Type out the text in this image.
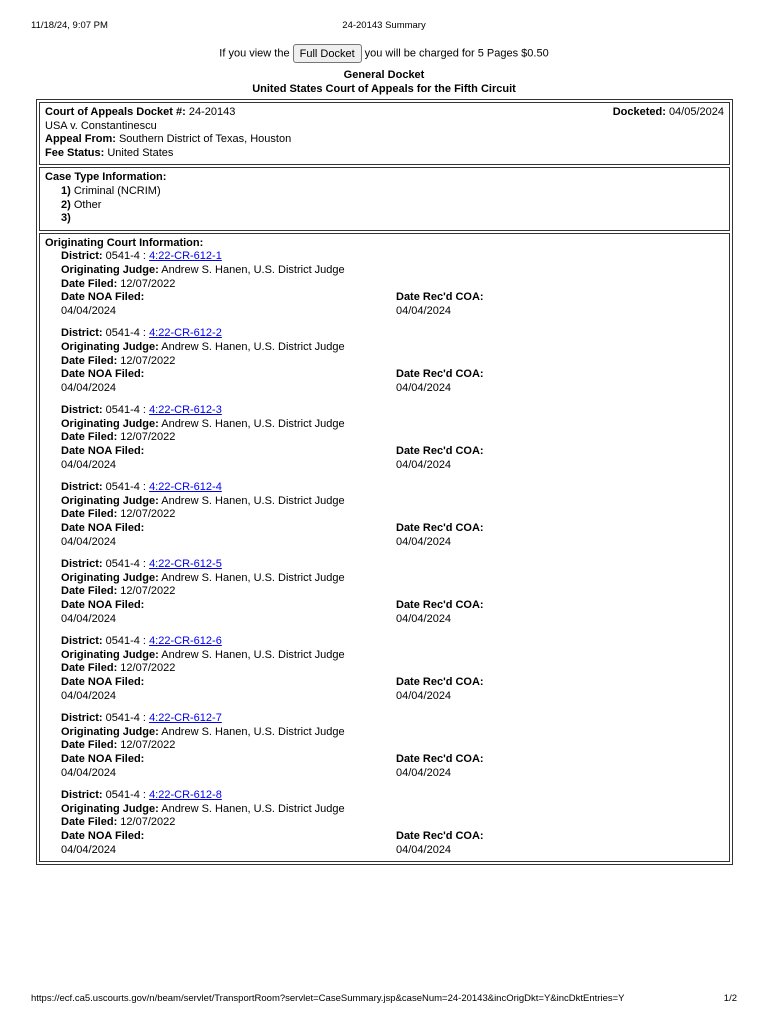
24-20143 Summary
11/18/24, 9:07 PM
If you view the Full Docket you will be charged for 5 Pages $0.50
General Docket
United States Court of Appeals for the Fifth Circuit
Court of Appeals Docket #: 24-20143	Docketed: 04/05/2024
USA v. Constantinescu
Appeal From: Southern District of Texas, Houston
Fee Status: United States
Case Type Information:
1) Criminal (NCRIM)
2) Other
3)
Originating Court Information:
District: 0541-4 : 4:22-CR-612-1
Originating Judge: Andrew S. Hanen, U.S. District Judge
Date Filed: 12/07/2022
Date NOA Filed:
04/04/2024
Date Rec'd COA:
04/04/2024
District: 0541-4 : 4:22-CR-612-2
Originating Judge: Andrew S. Hanen, U.S. District Judge
Date Filed: 12/07/2022
Date NOA Filed:
04/04/2024
Date Rec'd COA:
04/04/2024
District: 0541-4 : 4:22-CR-612-3
Originating Judge: Andrew S. Hanen, U.S. District Judge
Date Filed: 12/07/2022
Date NOA Filed:
04/04/2024
Date Rec'd COA:
04/04/2024
District: 0541-4 : 4:22-CR-612-4
Originating Judge: Andrew S. Hanen, U.S. District Judge
Date Filed: 12/07/2022
Date NOA Filed:
04/04/2024
Date Rec'd COA:
04/04/2024
District: 0541-4 : 4:22-CR-612-5
Originating Judge: Andrew S. Hanen, U.S. District Judge
Date Filed: 12/07/2022
Date NOA Filed:
04/04/2024
Date Rec'd COA:
04/04/2024
District: 0541-4 : 4:22-CR-612-6
Originating Judge: Andrew S. Hanen, U.S. District Judge
Date Filed: 12/07/2022
Date NOA Filed:
04/04/2024
Date Rec'd COA:
04/04/2024
District: 0541-4 : 4:22-CR-612-7
Originating Judge: Andrew S. Hanen, U.S. District Judge
Date Filed: 12/07/2022
Date NOA Filed:
04/04/2024
Date Rec'd COA:
04/04/2024
District: 0541-4 : 4:22-CR-612-8
Originating Judge: Andrew S. Hanen, U.S. District Judge
Date Filed: 12/07/2022
Date NOA Filed:
04/04/2024
Date Rec'd COA:
04/04/2024
https://ecf.ca5.uscourts.gov/n/beam/servlet/TransportRoom?servlet=CaseSummary.jsp&caseNum=24-20143&incOrigDkt=Y&incDktEntries=Y	1/2
